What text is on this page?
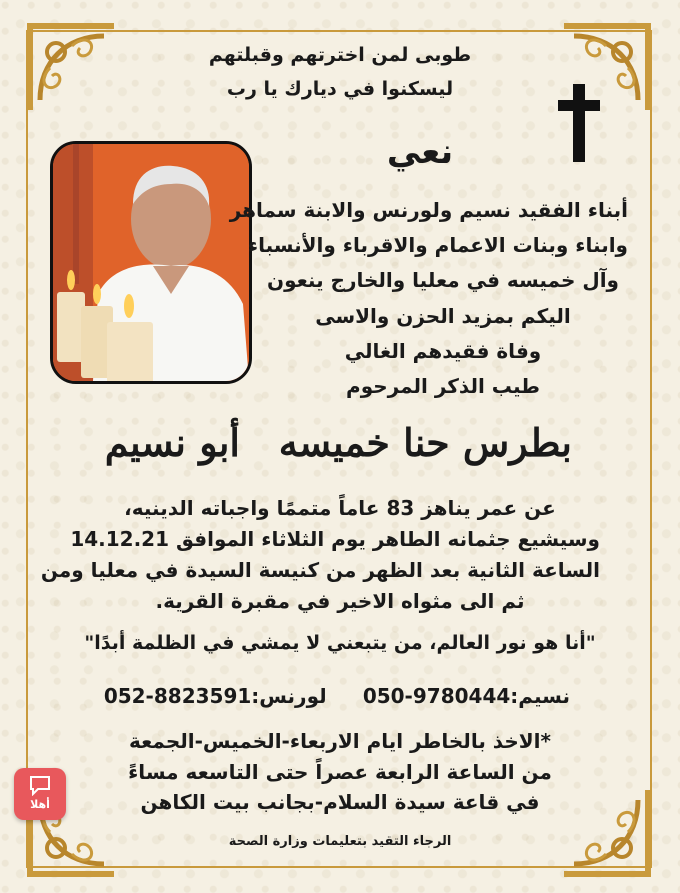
طوبى لمن اخترتهم وقبلتهم
ليسكنوا في ديارك يا رب
نعي
أبناء الفقيد نسيم ولورنس والابنة سماهر
وابناء وبنات الاعمام والاقرباء والأنسباء
وآل خميسه في معليا والخارج ينعون
اليكم بمزيد الحزن والاسى
وفاة فقيدهم الغالي
طيب الذكر المرحوم
بطرس حنا خميسه
أبو نسيم
عن عمر يناهز 83 عاماً متممًا واجباته الدينيه،
وسيشيع جثمانه الطاهر يوم الثلاثاء الموافق 14.12.21
الساعة الثانية بعد الظهر من كنيسة السيدة في معليا ومن
ثم الى مثواه الاخير في مقبرة القرية.
"أنا هو نور العالم، من يتبعني لا يمشي في الظلمة أبدًا"
نسيم:050-9780444  لورنس:052-8823591
*الاخذ بالخاطر ايام الاربعاء-الخميس-الجمعة
من الساعة الرابعة عصراً حتى التاسعه مساءً
في قاعة سيدة السلام-بجانب بيت الكاهن
الرجاء التقيد بتعليمات وزارة الصحة
أهلا
